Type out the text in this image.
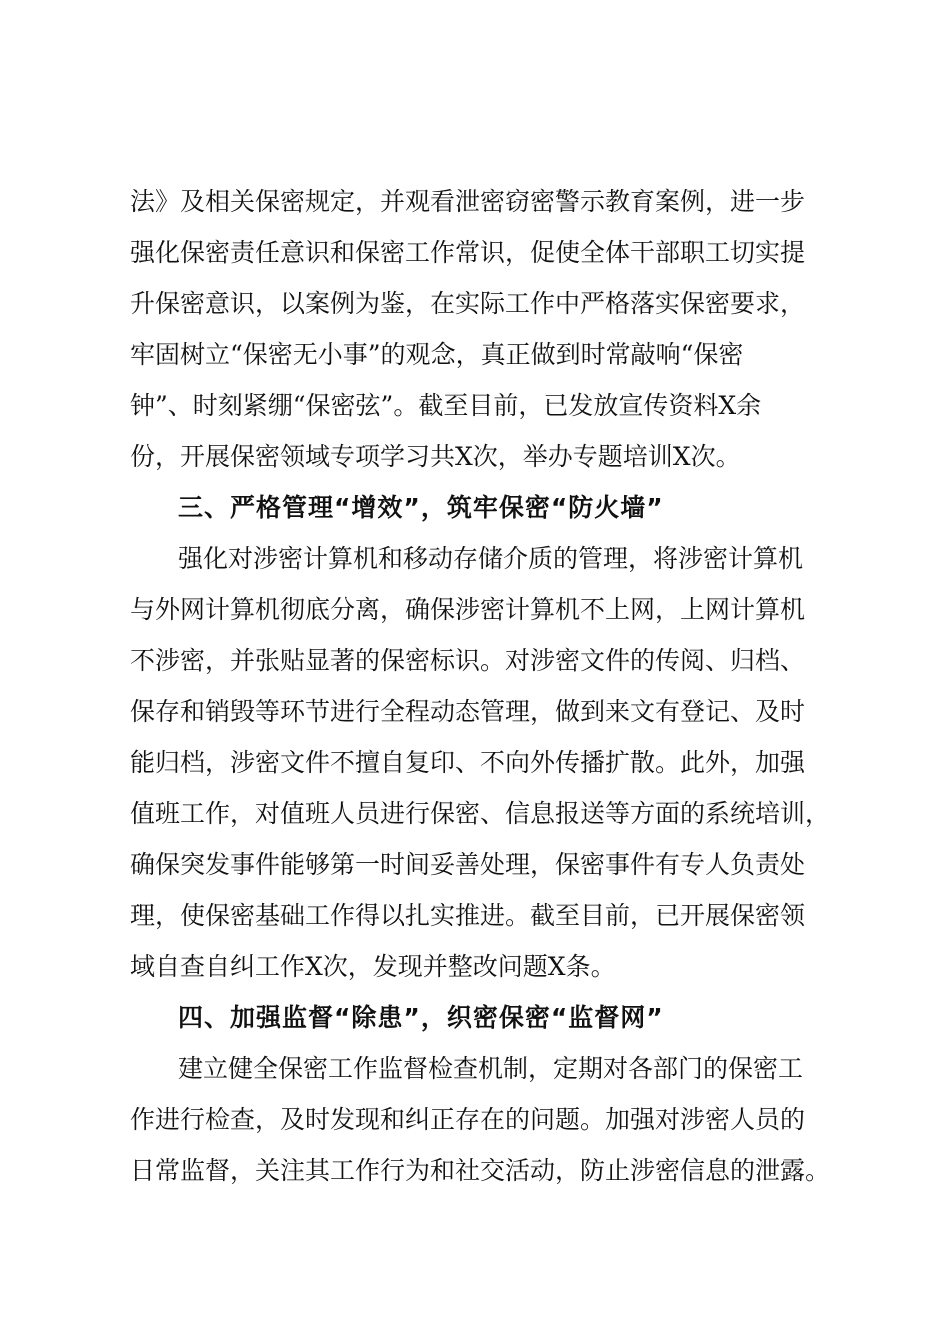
法》及相关保密规定，并观看泄密窃密警示教育案例，进一步
强化保密责任意识和保密工作常识，促使全体干部职工切实提
升保密意识，以案例为鉴，在实际工作中严格落实保密要求，
牢固树立“保密无小事”的观念，真正做到时常敲响“保密
钟”、时刻紧绷“保密弦”。截至目前，已发放宣传资料X余
份，开展保密领域专项学习共X次，举办专题培训X次。
三、严格管理“增效”，筑牢保密“防火墙”
强化对涉密计算机和移动存储介质的管理，将涉密计算机
与外网计算机彻底分离，确保涉密计算机不上网，上网计算机
不涉密，并张贴显著的保密标识。对涉密文件的传阅、归档、
保存和销毁等环节进行全程动态管理，做到来文有登记、及时
能归档，涉密文件不擅自复印、不向外传播扩散。此外，加强
值班工作，对值班人员进行保密、信息报送等方面的系统培训，
确保突发事件能够第一时间妥善处理，保密事件有专人负责处
理，使保密基础工作得以扎实推进。截至目前，已开展保密领
域自查自纠工作X次，发现并整改问题X条。
四、加强监督“除患”，织密保密“监督网”
建立健全保密工作监督检查机制，定期对各部门的保密工
作进行检查，及时发现和纠正存在的问题。加强对涉密人员的
日常监督，关注其工作行为和社交活动，防止涉密信息的泄露。
